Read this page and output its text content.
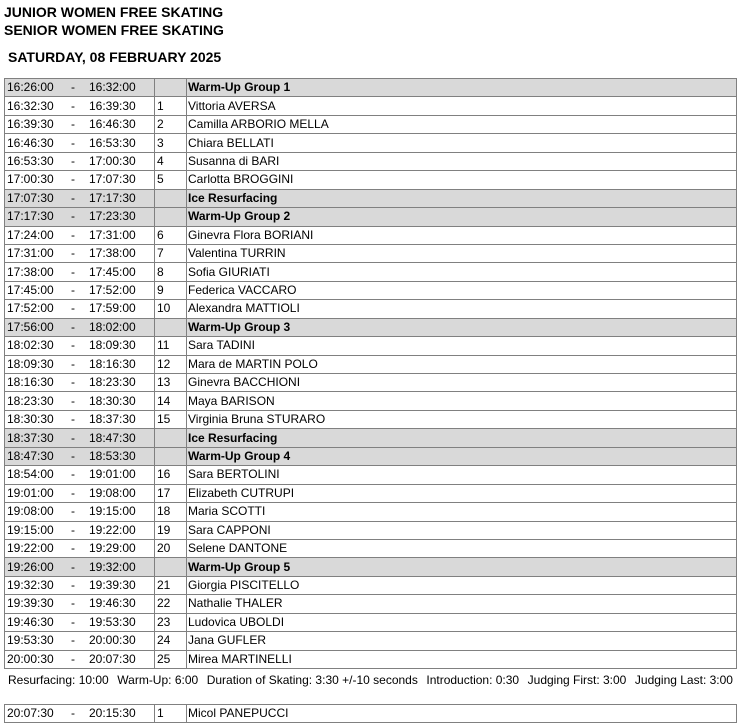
JUNIOR WOMEN FREE SKATING
SENIOR WOMEN FREE SKATING
SATURDAY, 08 FEBRUARY 2025
16:26:00 - 16:32:00		Warm-Up Group 1
16:32:30 - 16:39:30	1	Vittoria AVERSA
16:39:30 - 16:46:30	2	Camilla ARBORIO MELLA
16:46:30 - 16:53:30	3	Chiara BELLATI
16:53:30 - 17:00:30	4	Susanna di BARI
17:00:30 - 17:07:30	5	Carlotta BROGGINI
17:07:30 - 17:17:30		Ice Resurfacing
17:17:30 - 17:23:30		Warm-Up Group 2
17:24:00 - 17:31:00	6	Ginevra Flora BORIANI
17:31:00 - 17:38:00	7	Valentina TURRIN
17:38:00 - 17:45:00	8	Sofia GIURIATI
17:45:00 - 17:52:00	9	Federica VACCARO
17:52:00 - 17:59:00	10	Alexandra MATTIOLI
17:56:00 - 18:02:00		Warm-Up Group 3
18:02:30 - 18:09:30	11	Sara TADINI
18:09:30 - 18:16:30	12	Mara de MARTIN POLO
18:16:30 - 18:23:30	13	Ginevra BACCHIONI
18:23:30 - 18:30:30	14	Maya BARISON
18:30:30 - 18:37:30	15	Virginia Bruna STURARO
18:37:30 - 18:47:30		Ice Resurfacing
18:47:30 - 18:53:30		Warm-Up Group 4
18:54:00 - 19:01:00	16	Sara BERTOLINI
19:01:00 - 19:08:00	17	Elizabeth CUTRUPI
19:08:00 - 19:15:00	18	Maria SCOTTI
19:15:00 - 19:22:00	19	Sara CAPPONI
19:22:00 - 19:29:00	20	Selene DANTONE
19:26:00 - 19:32:00		Warm-Up Group 5
19:32:30 - 19:39:30	21	Giorgia PISCITELLO
19:39:30 - 19:46:30	22	Nathalie THALER
19:46:30 - 19:53:30	23	Ludovica UBOLDI
19:53:30 - 20:00:30	24	Jana GUFLER
20:00:30 - 20:07:30	25	Mirea MARTINELLI
Resurfacing: 10:00 Warm-Up: 6:00 Duration of Skating: 3:30 +/-10 seconds Introduction: 0:30 Judging First: 3:00 Judging Last: 3:00
20:07:30 - 20:15:30	1	Micol PANEPUCCI
